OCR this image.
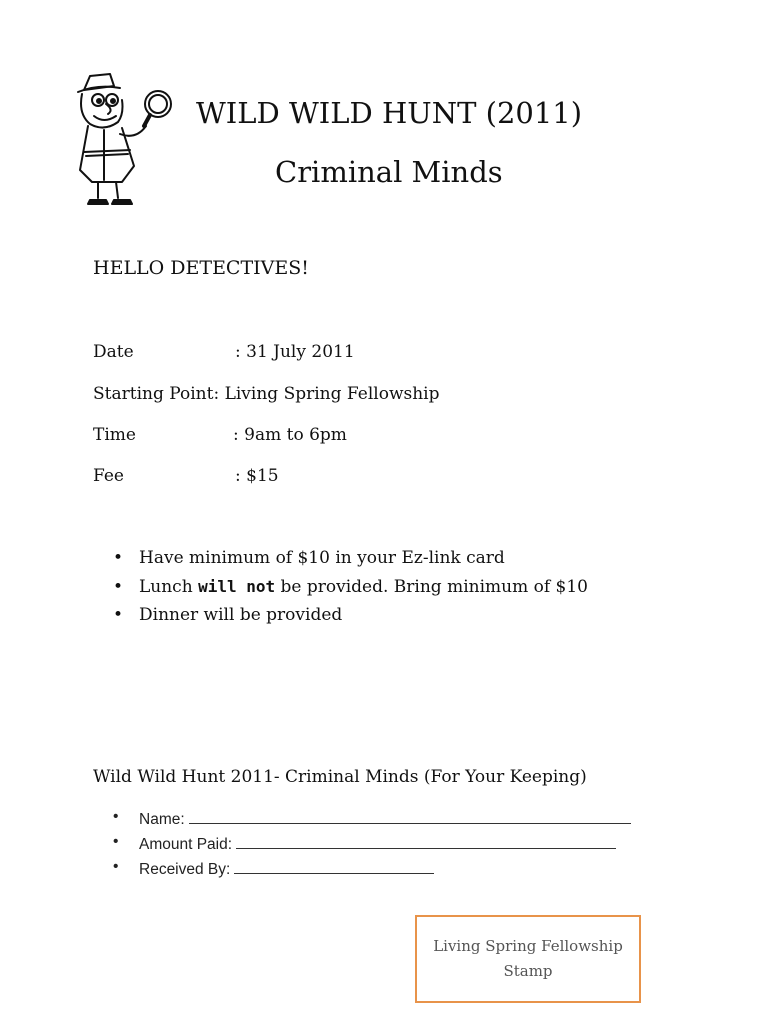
WILD WILD HUNT (2011)
Criminal Minds
HELLO DETECTIVES!
Date	: 31 July 2011
Starting Point: Living Spring Fellowship
Time	: 9am to 6pm
Fee	: $15
• Have minimum of $10 in your Ez-link card
• Lunch will not be provided. Bring minimum of $10
• Dinner will be provided
Wild Wild Hunt 2011- Criminal Minds (For Your Keeping)
• Name:
• Amount Paid:
• Received By:
Living Spring Fellowship
Stamp
